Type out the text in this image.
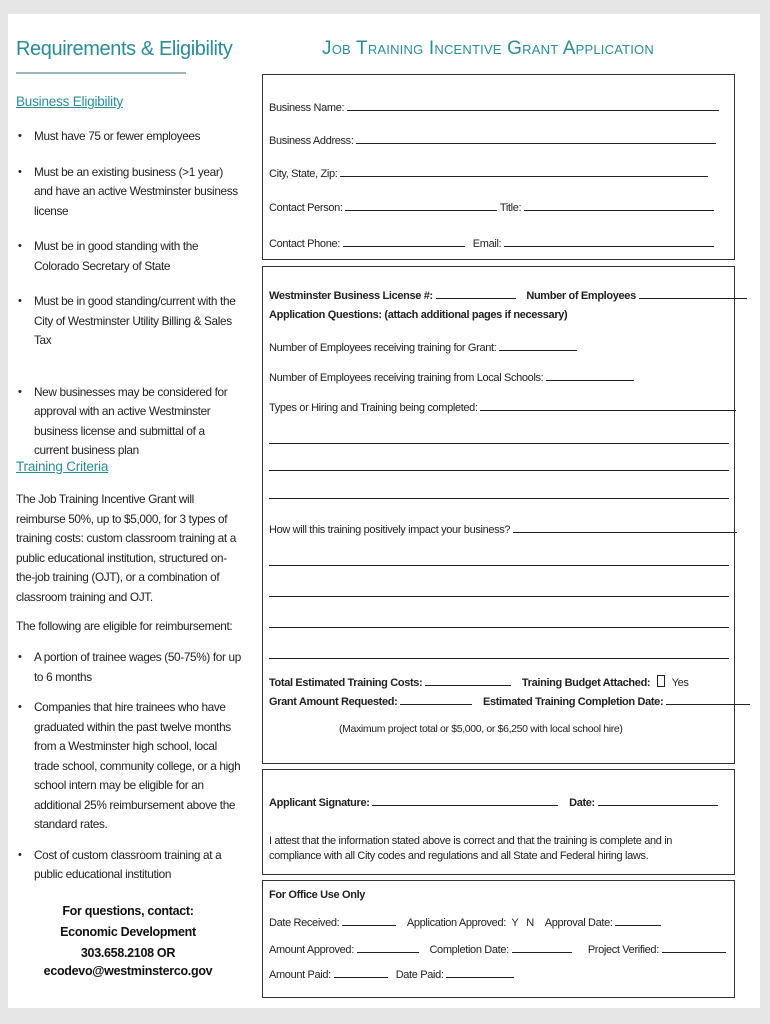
Requirements & Eligibility
Business Eligibility
• Must have 75 or fewer employees
• Must be an existing business (>1 year) and have an active Westminster business license
• Must be in good standing with the Colorado Secretary of State
• Must be in good standing/current with the City of Westminster Utility Billing & Sales Tax
• New businesses may be considered for approval with an active Westminster business license and submittal of a current business plan
Training Criteria
The Job Training Incentive Grant will reimburse 50%, up to $5,000, for 3 types of training costs: custom classroom training at a public educational institution, structured on-the-job training (OJT), or a combination of classroom training and OJT.
The following are eligible for reimbursement:
• A portion of trainee wages (50-75%) for up to 6 months
• Companies that hire trainees who have graduated within the past twelve months from a Westminster high school, local trade school, community college, or a high school intern may be eligible for an additional 25% reimbursement above the standard rates.
• Cost of custom classroom training at a public educational institution
For questions, contact:
Economic Development
303.658.2108 OR
ecodevo@westminsterco.gov
Job Training Incentive Grant Application
Business Name:
Business Address:
City, State, Zip:
Contact Person:	Title:
Contact Phone:	Email:
Westminster Business License #:	Number of Employees
Application Questions: (attach additional pages if necessary)
Number of Employees receiving training for Grant:
Number of Employees receiving training from Local Schools:
Types or Hiring and Training being completed:
How will this training positively impact your business?
Total Estimated Training Costs:	Training Budget Attached: Yes
Grant Amount Requested:	Estimated Training Completion Date:
(Maximum project total or $5,000, or $6,250 with local school hire)
Applicant Signature:	Date:
I attest that the information stated above is correct and that the training is complete and in compliance with all City codes and regulations and all State and Federal hiring laws.
For Office Use Only
Date Received:	Application Approved: Y N Approval Date:
Amount Approved:	Completion Date:	Project Verified:
Amount Paid:	Date Paid:
